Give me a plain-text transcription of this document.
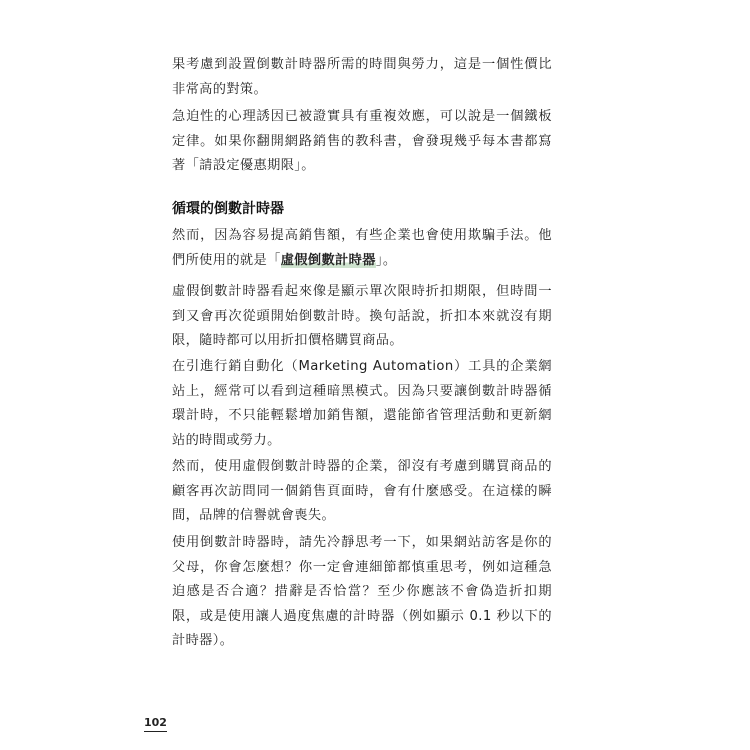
果考慮到設置倒數計時器所需的時間與勞力，這是一個性價比非常高的對策。

急迫性的心理誘因已被證實具有重複效應，可以說是一個鐵板定律。如果你翻開網路銷售的教科書，會發現幾乎每本書都寫著「請設定優惠期限」。

循環的倒數計時器

然而，因為容易提高銷售額，有些企業也會使用欺騙手法。他們所使用的就是「虛假倒數計時器」。

虛假倒數計時器看起來像是顯示單次限時折扣期限，但時間一到又會再次從頭開始倒數計時。換句話說，折扣本來就沒有期限，隨時都可以用折扣價格購買商品。

在引進行銷自動化（Marketing Automation）工具的企業網站上，經常可以看到這種暗黑模式。因為只要讓倒數計時器循環計時，不只能輕鬆增加銷售額，還能節省管理活動和更新網站的時間或勞力。

然而，使用虛假倒數計時器的企業，卻沒有考慮到購買商品的顧客再次訪問同一個銷售頁面時，會有什麼感受。在這樣的瞬間，品牌的信譽就會喪失。

使用倒數計時器時，請先冷靜思考一下，如果網站訪客是你的父母，你會怎麼想？你一定會連細節都慎重思考，例如這種急迫感是否合適？措辭是否恰當？至少你應該不會偽造折扣期限，或是使用讓人過度焦慮的計時器（例如顯示 0.1 秒以下的計時器）。

102
